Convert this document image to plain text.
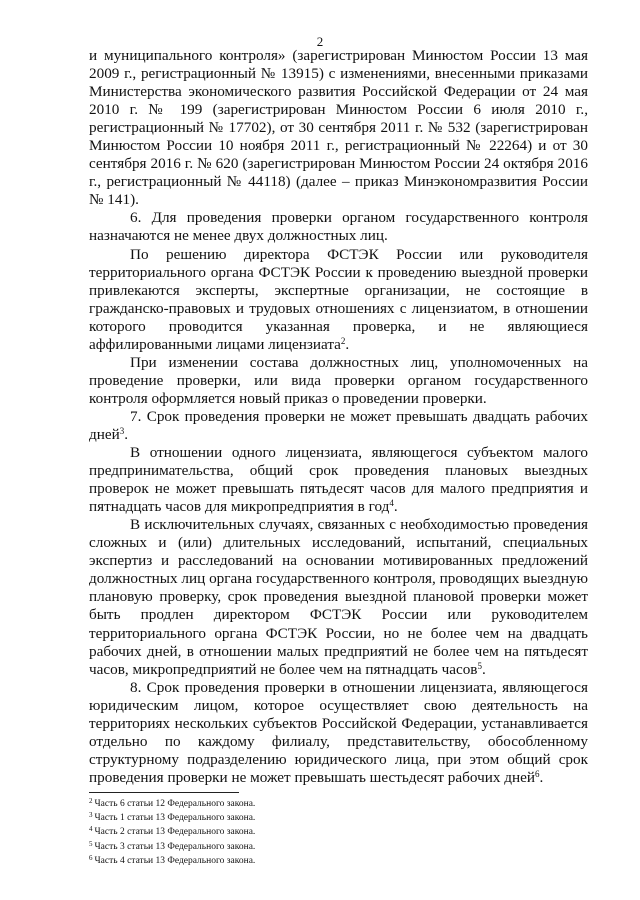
2

и муниципального контроля» (зарегистрирован Минюстом России 13 мая 2009 г., регистрационный № 13915) с изменениями, внесенными приказами Министерства экономического развития Российской Федерации от 24 мая 2010 г. № 199 (зарегистрирован Минюстом России 6 июля 2010 г., регистрационный № 17702), от 30 сентября 2011 г. № 532 (зарегистрирован Минюстом России 10 ноября 2011 г., регистрационный № 22264) и от 30 сентября 2016 г. № 620 (зарегистрирован Минюстом России 24 октября 2016 г., регистрационный № 44118) (далее – приказ Минэкономразвития России № 141).

6. Для проведения проверки органом государственного контроля назначаются не менее двух должностных лиц.

По решению директора ФСТЭК России или руководителя территориального органа ФСТЭК России к проведению выездной проверки привлекаются эксперты, экспертные организации, не состоящие в гражданско-правовых и трудовых отношениях с лицензиатом, в отношении которого проводится указанная проверка, и не являющиеся аффилированными лицами лицензиата$^2$.

При изменении состава должностных лиц, уполномоченных на проведение проверки, или вида проверки органом государственного контроля оформляется новый приказ о проведении проверки.

7. Срок проведения проверки не может превышать двадцать рабочих дней$^3$.

В отношении одного лицензиата, являющегося субъектом малого предпринимательства, общий срок проведения плановых выездных проверок не может превышать пятьдесят часов для малого предприятия и пятнадцать часов для микропредприятия в год$^4$.

В исключительных случаях, связанных с необходимостью проведения сложных и (или) длительных исследований, испытаний, специальных экспертиз и расследований на основании мотивированных предложений должностных лиц органа государственного контроля, проводящих выездную плановую проверку, срок проведения выездной плановой проверки может быть продлен директором ФСТЭК России или руководителем территориального органа ФСТЭК России, но не более чем на двадцать рабочих дней, в отношении малых предприятий не более чем на пятьдесят часов, микропредприятий не более чем на пятнадцать часов$^5$.

8. Срок проведения проверки в отношении лицензиата, являющегося юридическим лицом, которое осуществляет свою деятельность на территориях нескольких субъектов Российской Федерации, устанавливается отдельно по каждому филиалу, представительству, обособленному структурному подразделению юридического лица, при этом общий срок проведения проверки не может превышать шестьдесят рабочих дней$^6$.

$^2$ Часть 6 статьи 12 Федерального закона.

$^3$ Часть 1 статьи 13 Федерального закона.

$^4$ Часть 2 статьи 13 Федерального закона.

$^5$ Часть 3 статьи 13 Федерального закона.

$^6$ Часть 4 статьи 13 Федерального закона.
